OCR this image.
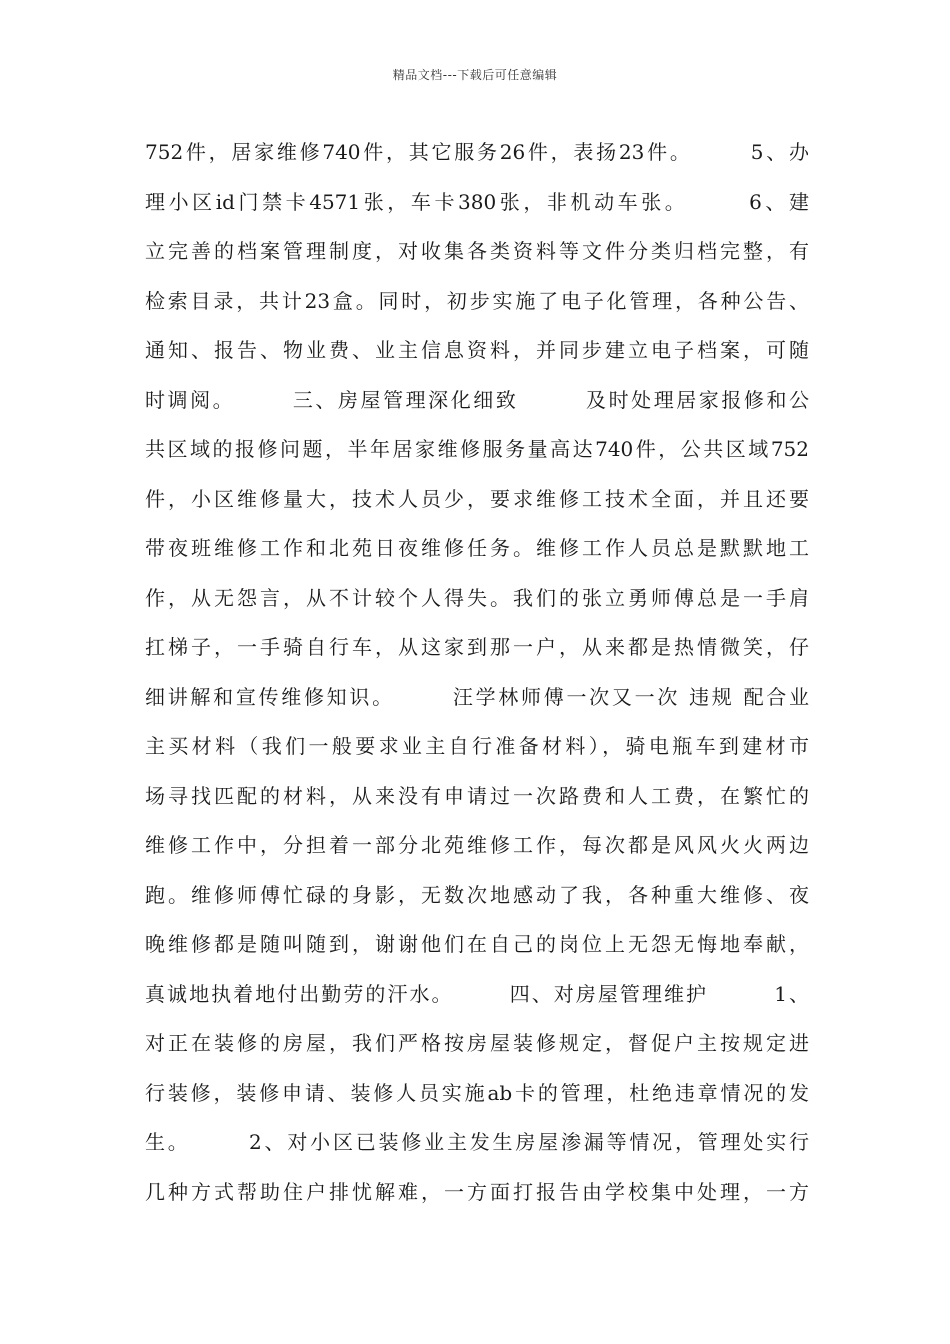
精品文档---下载后可任意编辑
752件，居家维修740件，其它服务26件，表扬23件。　　　5、办
理小区id门禁卡4571张，车卡380张，非机动车张。　　　6、建
立完善的档案管理制度，对收集各类资料等文件分类归档完整，有
检索目录，共计23盒。同时，初步实施了电子化管理，各种公告、
通知、报告、物业费、业主信息资料，并同步建立电子档案，可随
时调阅。　　　三、房屋管理深化细致　　　及时处理居家报修和公
共区域的报修问题，半年居家维修服务量高达740件，公共区域752
件，小区维修量大，技术人员少，要求维修工技术全面，并且还要
带夜班维修工作和北苑日夜维修任务。维修工作人员总是默默地工
作，从无怨言，从不计较个人得失。我们的张立勇师傅总是一手肩
扛梯子，一手骑自行车，从这家到那一户，从来都是热情微笑，仔
细讲解和宣传维修知识。　　　汪学林师傅一次又一次 违规 配合业
主买材料（我们一般要求业主自行准备材料），骑电瓶车到建材市
场寻找匹配的材料，从来没有申请过一次路费和人工费，在繁忙的
维修工作中，分担着一部分北苑维修工作，每次都是风风火火两边
跑。维修师傅忙碌的身影，无数次地感动了我，各种重大维修、夜
晚维修都是随叫随到，谢谢他们在自己的岗位上无怨无悔地奉献，
真诚地执着地付出勤劳的汗水。　　　四、对房屋管理维护　　　1、
对正在装修的房屋，我们严格按房屋装修规定，督促户主按规定进
行装修，装修申请、装修人员实施ab卡的管理，杜绝违章情况的发
生。　　　2、对小区已装修业主发生房屋渗漏等情况，管理处实行
几种方式帮助住户排忧解难，一方面打报告由学校集中处理，一方
